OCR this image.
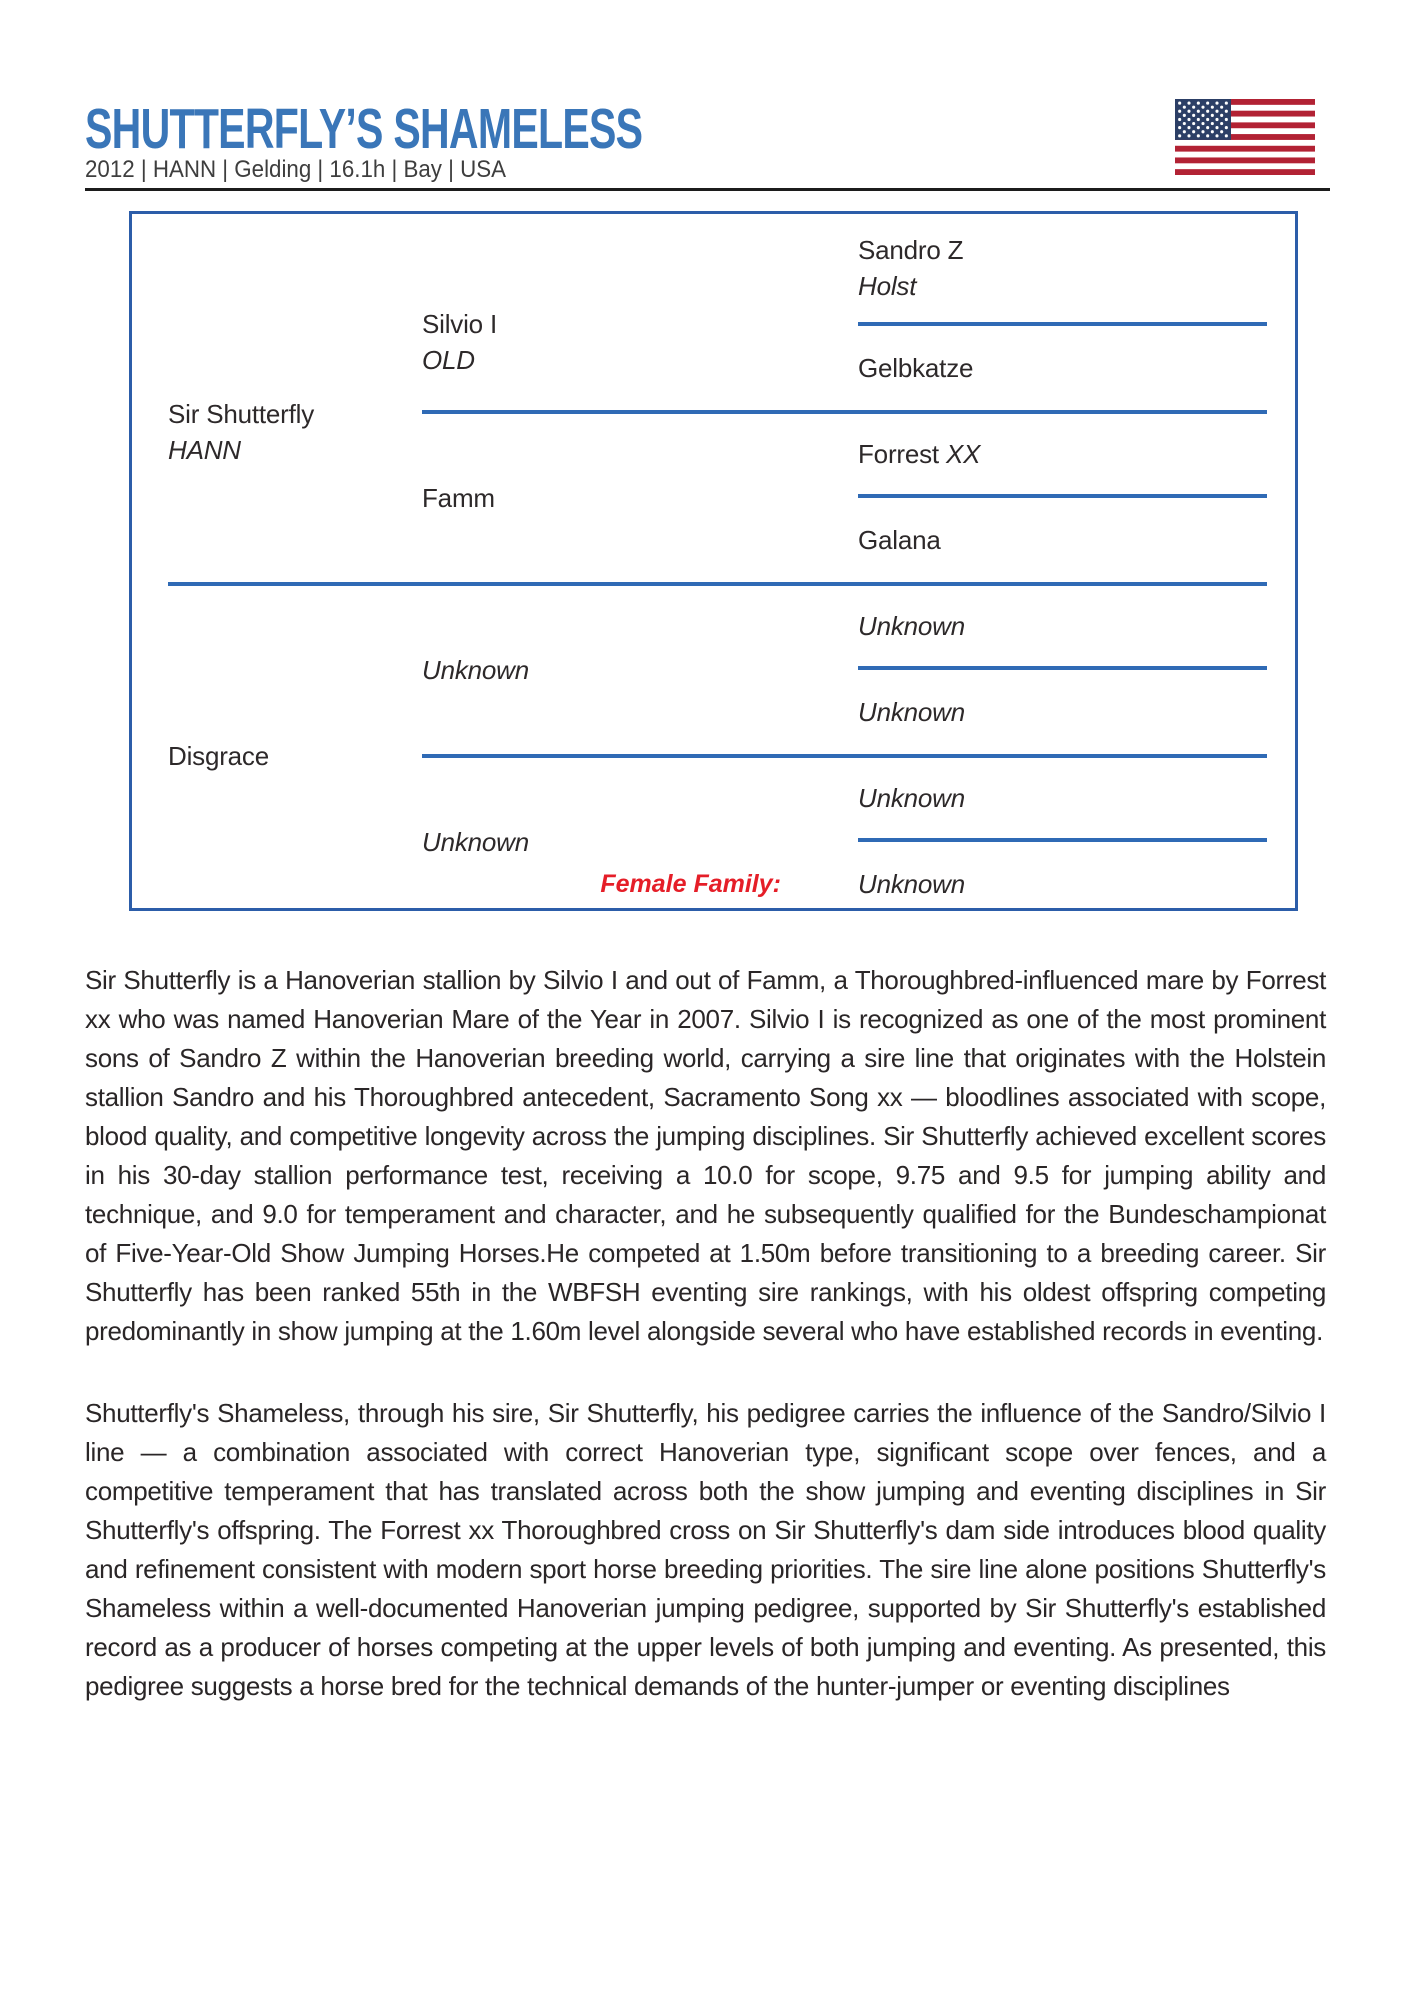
SHUTTERFLY’S SHAMELESS
2012 | HANN | Gelding | 16.1h | Bay | USA
Sir Shutterfly
HANN
Silvio I
OLD
Sandro Z
Holst
Gelbkatze
Famm
Forrest XX
Galana
Disgrace
Unknown
Unknown
Unknown
Unknown
Unknown
Female Family:	Unknown

Sir Shutterfly is a Hanoverian stallion by Silvio I and out of Famm, a Thoroughbred-influenced mare by Forrest xx who was named Hanoverian Mare of the Year in 2007. Silvio I is recognized as one of the most prominent sons of Sandro Z within the Hanoverian breeding world, carrying a sire line that originates with the Holstein stallion Sandro and his Thoroughbred antecedent, Sacramento Song xx — bloodlines associated with scope, blood quality, and competitive longevity across the jumping disciplines. Sir Shutterfly achieved excellent scores in his 30-day stallion performance test, receiving a 10.0 for scope, 9.75 and 9.5 for jumping ability and technique, and 9.0 for temperament and character, and he subsequently qualified for the Bundeschampionat of Five-Year-Old Show Jumping Horses.He competed at 1.50m before transitioning to a breeding career. Sir Shutterfly has been ranked 55th in the WBFSH eventing sire rankings, with his oldest offspring competing predominantly in show jumping at the 1.60m level alongside several who have established records in eventing.

Shutterfly's Shameless, through his sire, Sir Shutterfly, his pedigree carries the influence of the Sandro/Silvio I line — a combination associated with correct Hanoverian type, significant scope over fences, and a competitive temperament that has translated across both the show jumping and eventing disciplines in Sir Shutterfly's offspring. The Forrest xx Thoroughbred cross on Sir Shutterfly's dam side introduces blood quality and refinement consistent with modern sport horse breeding priorities. The sire line alone positions Shutterfly's Shameless within a well-documented Hanoverian jumping pedigree, supported by Sir Shutterfly's established record as a producer of horses competing at the upper levels of both jumping and eventing. As presented, this pedigree suggests a horse bred for the technical demands of the hunter-jumper or eventing disciplines
